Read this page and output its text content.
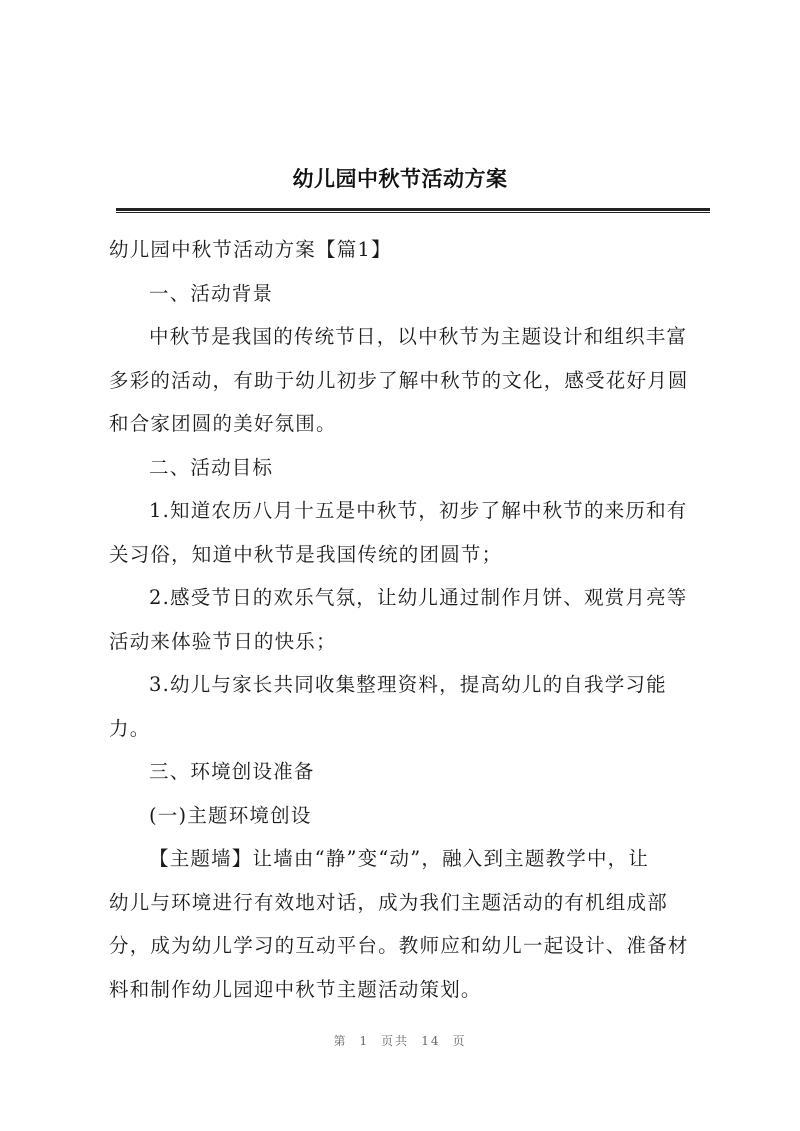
幼儿园中秋节活动方案
幼儿园中秋节活动方案【篇1】
一、活动背景
中秋节是我国的传统节日，以中秋节为主题设计和组织丰富
多彩的活动，有助于幼儿初步了解中秋节的文化，感受花好月圆
和合家团圆的美好氛围。
二、活动目标
1.知道农历八月十五是中秋节，初步了解中秋节的来历和有
关习俗，知道中秋节是我国传统的团圆节；
2.感受节日的欢乐气氛，让幼儿通过制作月饼、观赏月亮等
活动来体验节日的快乐；
3.幼儿与家长共同收集整理资料，提高幼儿的自我学习能
力。
三、环境创设准备
(一)主题环境创设
【主题墙】让墙由“静”变“动”，融入到主题教学中，让
幼儿与环境进行有效地对话，成为我们主题活动的有机组成部
分，成为幼儿学习的互动平台。教师应和幼儿一起设计、准备材
料和制作幼儿园迎中秋节主题活动策划。
第 1 页共 14 页
